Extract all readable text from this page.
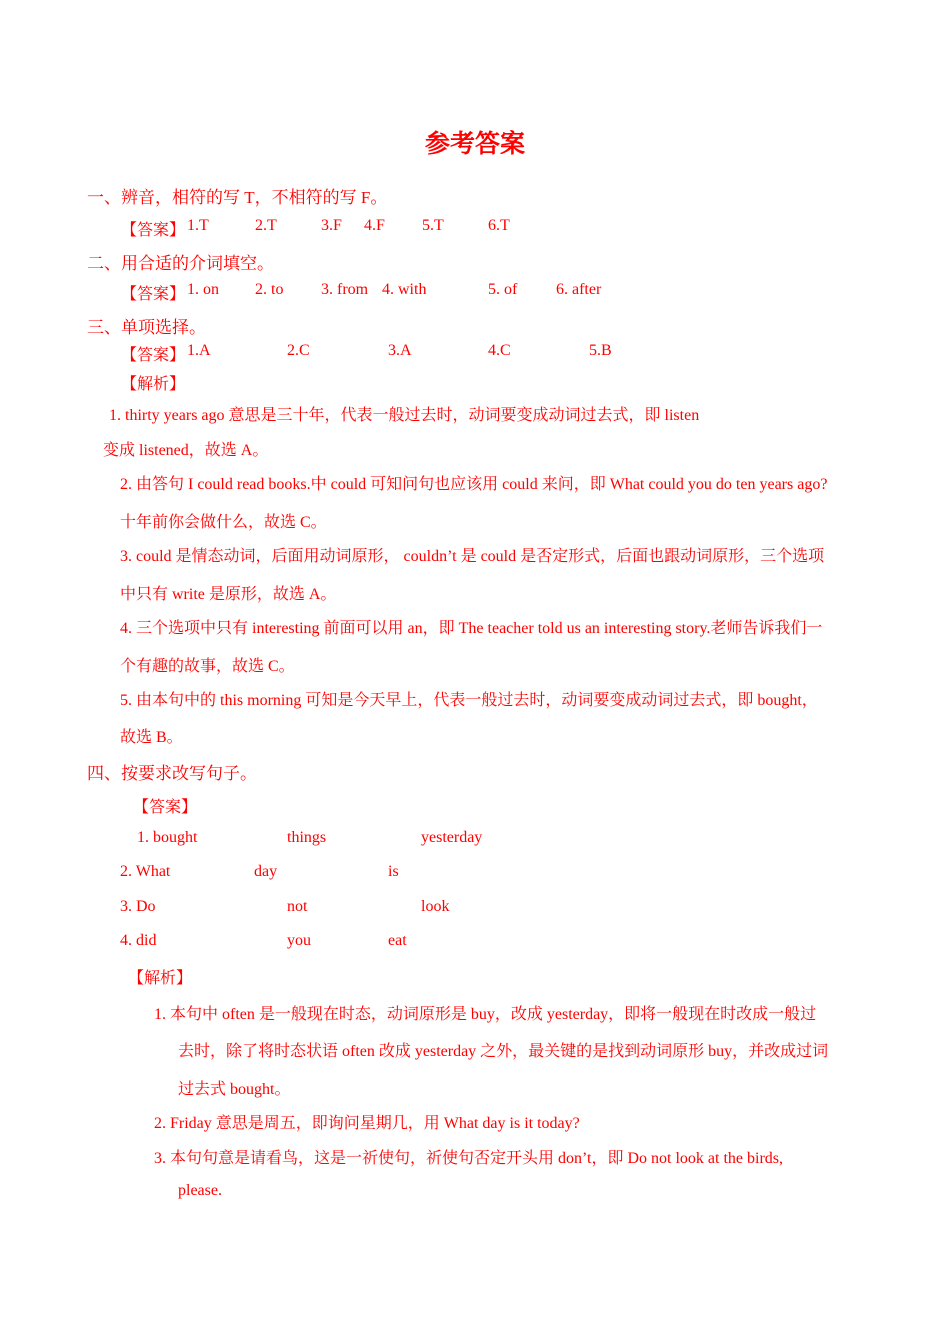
参考答案
一、辨音，相符的写 T，不相符的写 F。
【答案】 1.T	2.T	3.F 4.F 5.T	6.T
二、用合适的介词填空。
【答案】 1. on 2. to 3. from 4. with	5. of 6. after
三、单项选择。
【答案】 1.A	2.C	3.A	4.C	5.B
【解析】
1. thirty years ago 意思是三十年，代表一般过去时，动词要变成动词过去式，即 listen
变成 listened，故选 A。
2. 由答句 I could read books.中 could 可知问句也应该用 could 来问，即 What could you do ten years ago?
十年前你会做什么，故选 C。
3. could 是情态动词，后面用动词原形， couldn’t 是 could 是否定形式，后面也跟动词原形，三个选项
中只有 write 是原形，故选 A。
4. 三个选项中只有 interesting 前面可以用 an，即 The teacher told us an interesting story.老师告诉我们一
个有趣的故事，故选 C。
5. 由本句中的 this morning 可知是今天早上，代表一般过去时，动词要变成动词过去式，即 bought，
故选 B。
四、按要求改写句子。
【答案】
1. bought	things	yesterday
2. What	day	is
3. Do	not	look
4. did	you	eat
【解析】
1. 本句中 often 是一般现在时态，动词原形是 buy，改成 yesterday，即将一般现在时改成一般过
去时，除了将时态状语 often 改成 yesterday 之外，最关键的是找到动词原形 buy，并改成过词
过去式 bought。
2. Friday 意思是周五，即询问星期几，用 What day is it today?
3. 本句句意是请看鸟，这是一祈使句，祈使句否定开头用 don’t，即 Do not look at the birds,
please.
